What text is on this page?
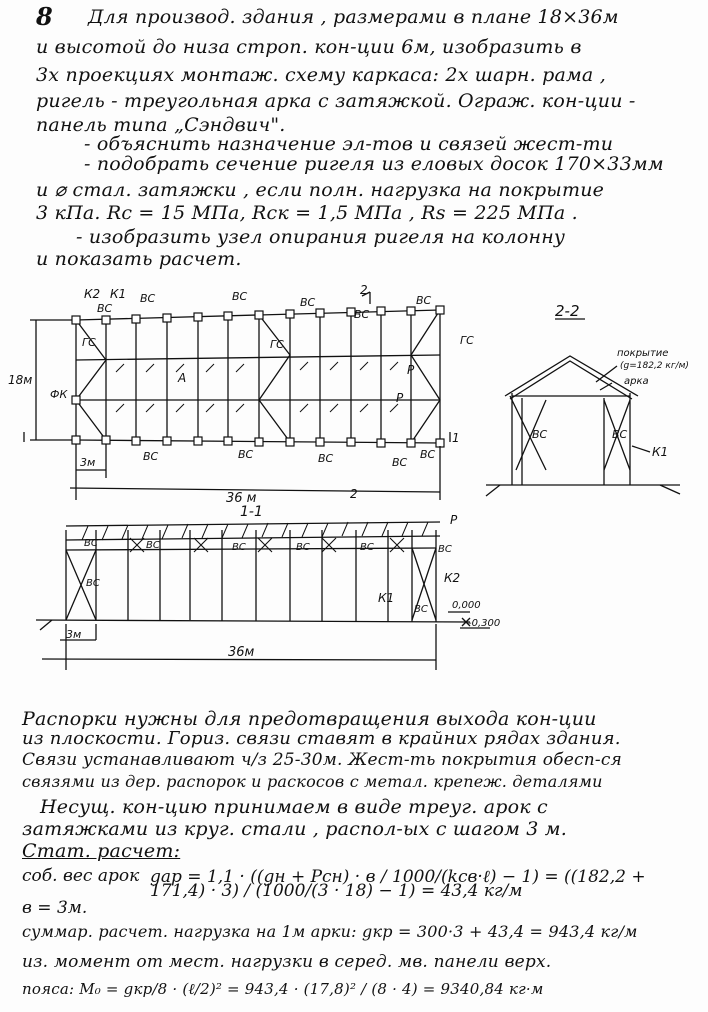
8 Для производ. здания , размерами в плане 18×36м
и высотой до низа строп. кон-ции 6м, изобразить в
3х проекциях монтаж. схему каркаса: 2х шарн. рама ,
ригель - треугольная арка с затяжкой. Ограж. кон-ции -
панель типа „Сэндвич".
- объяснить назначение эл-тов и связей жест-ти
- подобрать сечение ригеля из еловых досок 170×33мм
и ⌀ стал. затяжки , если полн. нагрузка на покрытие
3 кПа. Rc = 15 МПа, Rск = 1,5 МПа , Rs = 225 МПа .
- изобразить узел опирания ригеля на колонну
и показать расчет.
К2 К1
ВС
ВС	ВС	ВС
ВС
ВС
ВС	ВС	ВС	ВС
ВС
ГС	ГС	ГС
ФК
А
Р
Р
2
1
18м
3м
36 м	2
2-2
покрытие
(g=182,2 кг/м)
арка
ВС	ВС
К1
1-1	Р
ВС	ВС	ВС	ВС	ВС	ВС
ВС
ВС
К1
К2
0,000
-0,300
3м
36м
Распорки нужны для предотвращения выхода кон-ции
из плоскости. Гориз. связи ставят в крайних рядах здания.
Связи устанавливают ч/з 25-30м. Жест-ть покрытия обесп-ся
связями из дер. распорок и раскосов с метал. крепеж. деталями
Несущ. кон-цию принимаем в виде треуг. арок с
затяжками из круг. стали , распол-ых с шагом 3 м.
Стат. расчет:
соб. вес арок gар = 1,1 · ((gн + Pсн) · в / 1000/(kсв·ℓ) − 1) = ((182,2 + 171,4) · 3) / (1000/(3 · 18) − 1) = 43,4 кг/м
в = 3м.
суммар. расчет. нагрузка на 1м арки: gкр = 300·3 + 43,4 = 943,4 кг/м
из. момент от мест. нагрузки в серед. мв. панели верх.
пояса: M₀ = gкр/8 · (ℓ/2)² = 943,4 · (17,8)² / (8 · 4) = 9340,84 кг·м
